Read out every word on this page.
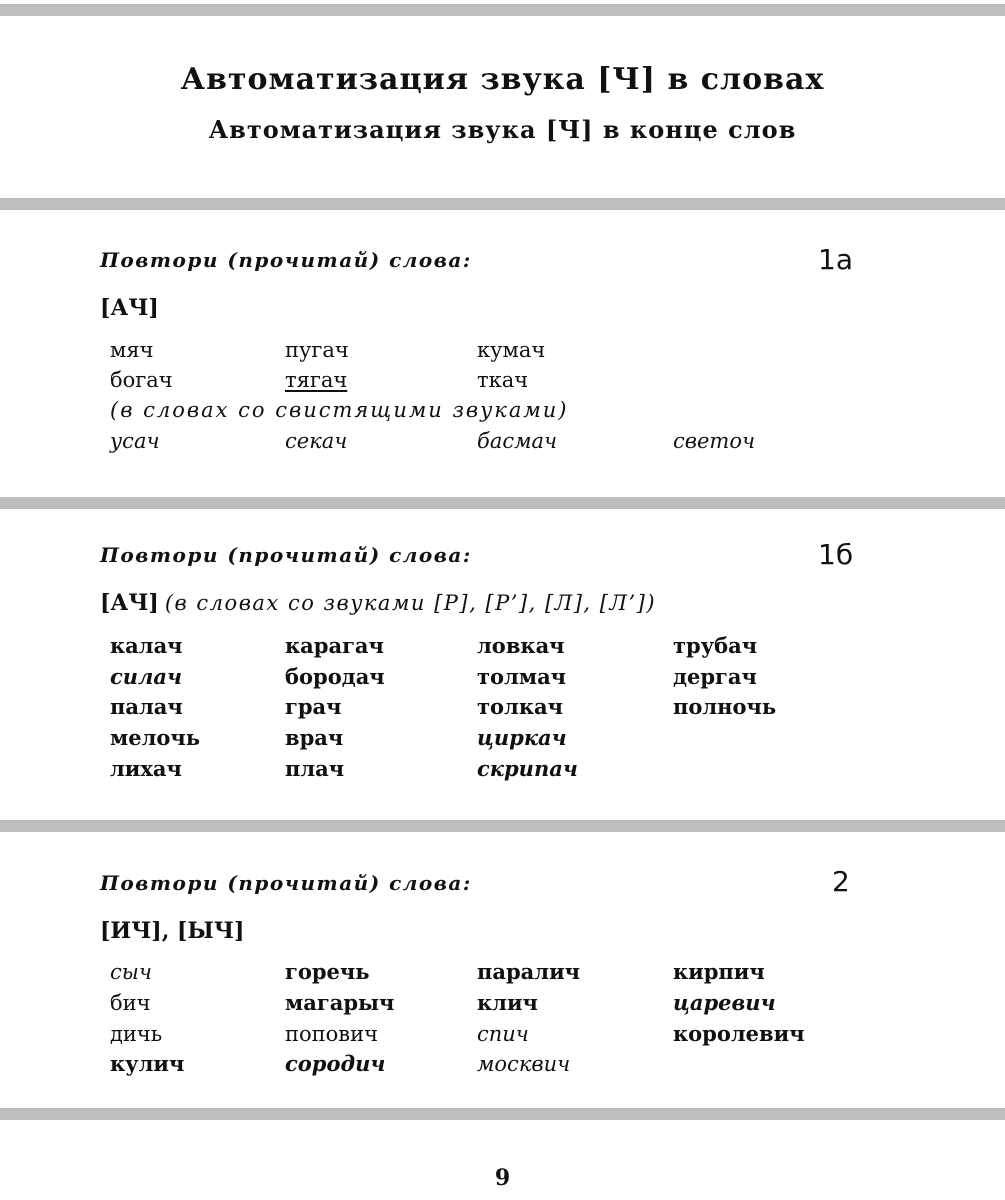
Автоматизация звука [Ч] в словах
Автоматизация звука [Ч] в конце слов
Повтори (прочитай) слова:	1а
[АЧ]
мяч	пугач	кумач
богач	тягач	ткач
(в словах со свистящими звуками)
усач	секач	басмач	светоч
Повтори (прочитай) слова:	1б
[АЧ] (в словах со звуками [Р], [Р’], [Л], [Л’])
калач	карагач	ловкач	трубач
силач	бородач	толмач	дергач
палач	грач	толкач	полночь
мелочь	врач	циркач
лихач	плач	скрипач
Повтори (прочитай) слова:	2
[ИЧ], [ЫЧ]
сыч	горечь	паралич	кирпич
бич	магарыч	клич	царевич
дичь	попович	спич	королевич
кулич	сородич	москвич
9
